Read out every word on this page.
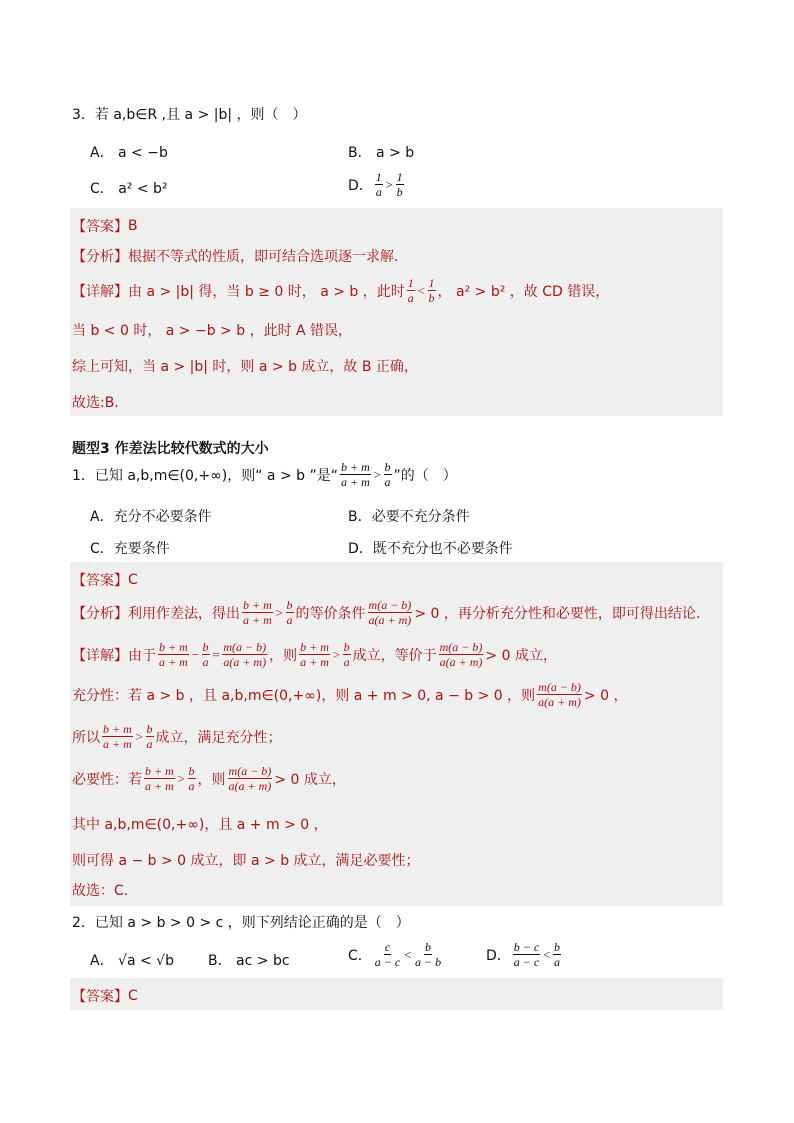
3．若 a,b∈R ,且 a > |b| ，则（　）
A． a < −b	B． a > b
C． a² < b²	D． $\frac{1}{a} > \frac{1}{b}$
【答案】 B
【分析】 根据不等式的性质，即可结合选项逐一求解.
【详解】 由 a > |b| 得，当 b ≥ 0 时， a > b ，此时 $\frac{1}{a} < \frac{1}{b}$ ， a² > b² ，故 CD 错误，
当 b < 0 时， a > −b > b ，此时 A 错误，
综上可知，当 a > |b| 时，则 a > b 成立，故 B 正确，
故选:B.
题型3 作差法比较代数式的大小
1．已知 a,b,m∈(0,+∞)，则“ a > b ”是“ $\frac{b + m}{a + m} > \frac{b}{a}$ ”的（　）
A．充分不必要条件	B．必要不充分条件
C．充要条件	D．既不充分也不必要条件
【答案】 C
【分析】 利用作差法，得出 $\frac{b + m}{a + m} > \frac{b}{a}$ 的等价条件 $\frac{m(a - b)}{a(a + m)} > 0$ ，再分析充分性和必要性，即可得出结论.
【详解】 由于 $\frac{b + m}{a + m} - \frac{b}{a} = \frac{m(a - b)}{a(a + m)}$ ，则 $\frac{b + m}{a + m} > \frac{b}{a}$ 成立，等价于 $\frac{m(a - b)}{a(a + m)} > 0$ 成立，
充分性：若 a > b ，且 a,b,m∈(0,+∞)，则 a + m > 0, a − b > 0 ，则 $\frac{m(a - b)}{a(a + m)} > 0$ ，
所以 $\frac{b + m}{a + m} > \frac{b}{a}$ 成立，满足充分性；
必要性：若 $\frac{b + m}{a + m} > \frac{b}{a}$ ，则 $\frac{m(a - b)}{a(a + m)} > 0$ 成立，
其中 a,b,m∈(0,+∞)，且 a + m > 0 ，
则可得 a − b > 0 成立，即 a > b 成立，满足必要性；
故选：C.
2．已知 a > b > 0 > c ，则下列结论正确的是（　）
A． √a < √b B． ac > bc	C． $\frac{c}{a - c} < \frac{b}{a - b}$	D． $\frac{b - c}{a - c} < \frac{b}{a}$
【答案】 C
